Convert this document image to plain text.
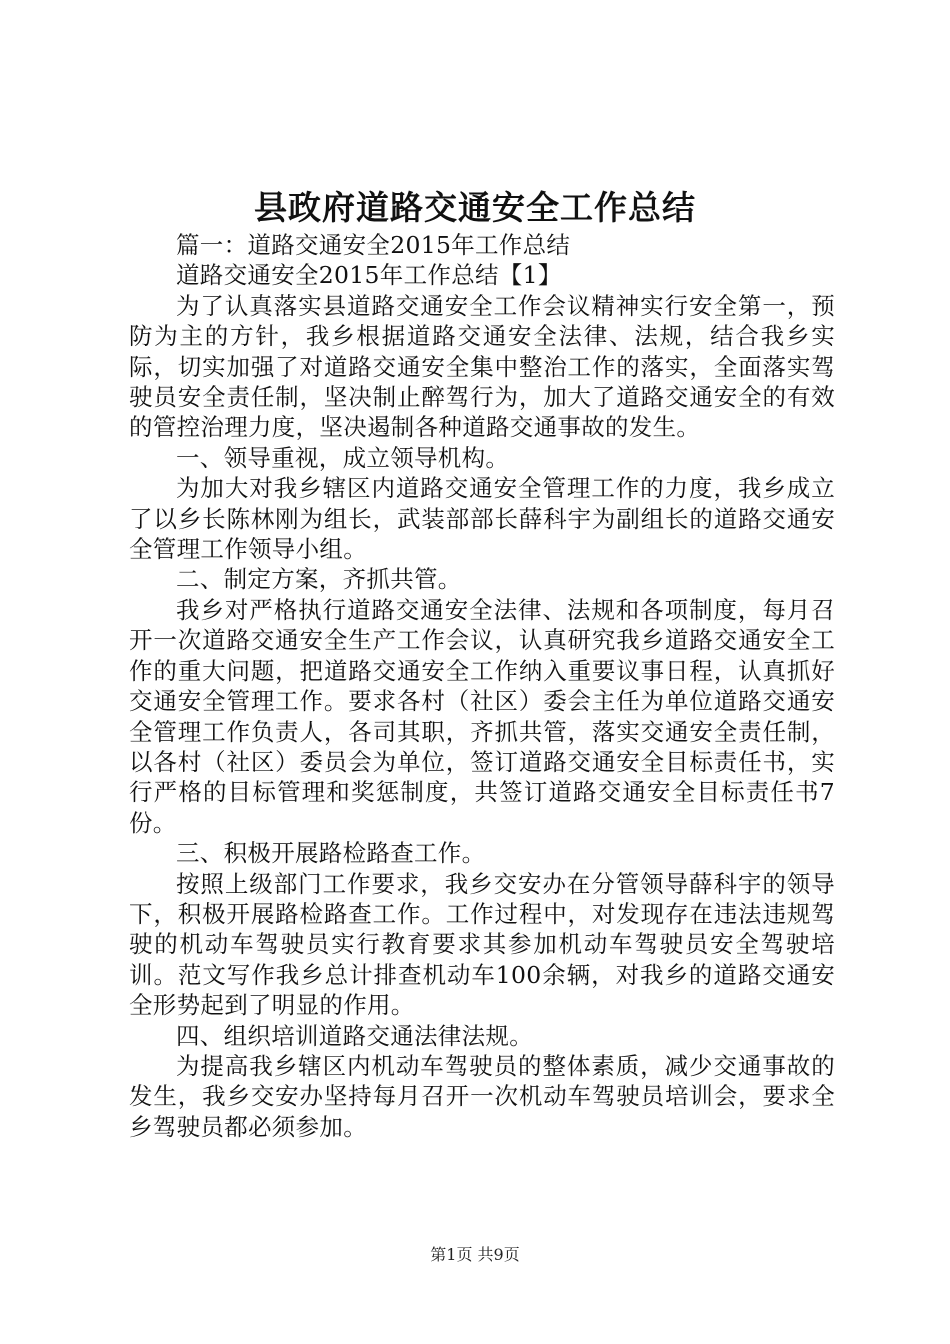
县政府道路交通安全工作总结

篇一：道路交通安全2015年工作总结

道路交通安全2015年工作总结【1】

为了认真落实县道路交通安全工作会议精神实行安全第一，预防为主的方针，我乡根据道路交通安全法律、法规，结合我乡实际，切实加强了对道路交通安全集中整治工作的落实，全面落实驾驶员安全责任制，坚决制止醉驾行为，加大了道路交通安全的有效的管控治理力度，坚决遏制各种道路交通事故的发生。

一、领导重视，成立领导机构。

为加大对我乡辖区内道路交通安全管理工作的力度，我乡成立了以乡长陈林刚为组长，武装部部长薛科宇为副组长的道路交通安全管理工作领导小组。

二、制定方案，齐抓共管。

我乡对严格执行道路交通安全法律、法规和各项制度，每月召开一次道路交通安全生产工作会议，认真研究我乡道路交通安全工作的重大问题，把道路交通安全工作纳入重要议事日程，认真抓好交通安全管理工作。要求各村（社区）委会主任为单位道路交通安全管理工作负责人，各司其职，齐抓共管，落实交通安全责任制，以各村（社区）委员会为单位，签订道路交通安全目标责任书，实行严格的目标管理和奖惩制度，共签订道路交通安全目标责任书7份。

三、积极开展路检路查工作。

按照上级部门工作要求，我乡交安办在分管领导薛科宇的领导下，积极开展路检路查工作。工作过程中，对发现存在违法违规驾驶的机动车驾驶员实行教育要求其参加机动车驾驶员安全驾驶培训。范文写作我乡总计排查机动车100余辆，对我乡的道路交通安全形势起到了明显的作用。

四、组织培训道路交通法律法规。

为提高我乡辖区内机动车驾驶员的整体素质，减少交通事故的发生，我乡交安办坚持每月召开一次机动车驾驶员培训会，要求全乡驾驶员都必须参加。

第1页 共9页
